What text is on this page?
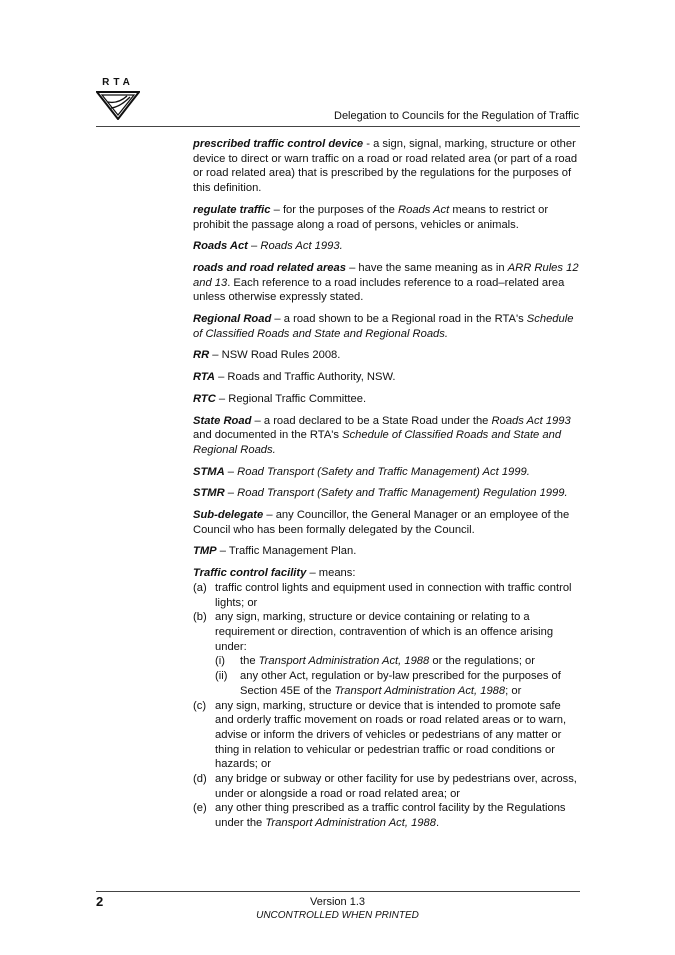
RTA
Delegation to Councils for the Regulation of Traffic
prescribed traffic control device - a sign, signal, marking, structure or other device to direct or warn traffic on a road or road related area (or part of a road or road related area) that is prescribed by the regulations for the purposes of this definition.
regulate traffic – for the purposes of the Roads Act means to restrict or prohibit the passage along a road of persons, vehicles or animals.
Roads Act – Roads Act 1993.
roads and road related areas – have the same meaning as in ARR Rules 12 and 13. Each reference to a road includes reference to a road–related area unless otherwise expressly stated.
Regional Road – a road shown to be a Regional road in the RTA's Schedule of Classified Roads and State and Regional Roads.
RR – NSW Road Rules 2008.
RTA – Roads and Traffic Authority, NSW.
RTC – Regional Traffic Committee.
State Road – a road declared to be a State Road under the Roads Act 1993 and documented in the RTA's Schedule of Classified Roads and State and Regional Roads.
STMA – Road Transport (Safety and Traffic Management) Act 1999.
STMR – Road Transport (Safety and Traffic Management) Regulation 1999.
Sub-delegate – any Councillor, the General Manager or an employee of the Council who has been formally delegated by the Council.
TMP – Traffic Management Plan.
Traffic control facility – means:
(a) traffic control lights and equipment used in connection with traffic control lights; or
(b) any sign, marking, structure or device containing or relating to a requirement or direction, contravention of which is an offence arising under:
(i)	the Transport Administration Act, 1988 or the regulations; or
(ii)	any other Act, regulation or by-law prescribed for the purposes of Section 45E of the Transport Administration Act, 1988; or
(c) any sign, marking, structure or device that is intended to promote safe and orderly traffic movement on roads or road related areas or to warn, advise or inform the drivers of vehicles or pedestrians of any matter or thing in relation to vehicular or pedestrian traffic or road conditions or hazards; or
(d) any bridge or subway or other facility for use by pedestrians over, across, under or alongside a road or road related area; or
(e) any other thing prescribed as a traffic control facility by the Regulations under the Transport Administration Act, 1988.
2	Version 1.3
UNCONTROLLED WHEN PRINTED
